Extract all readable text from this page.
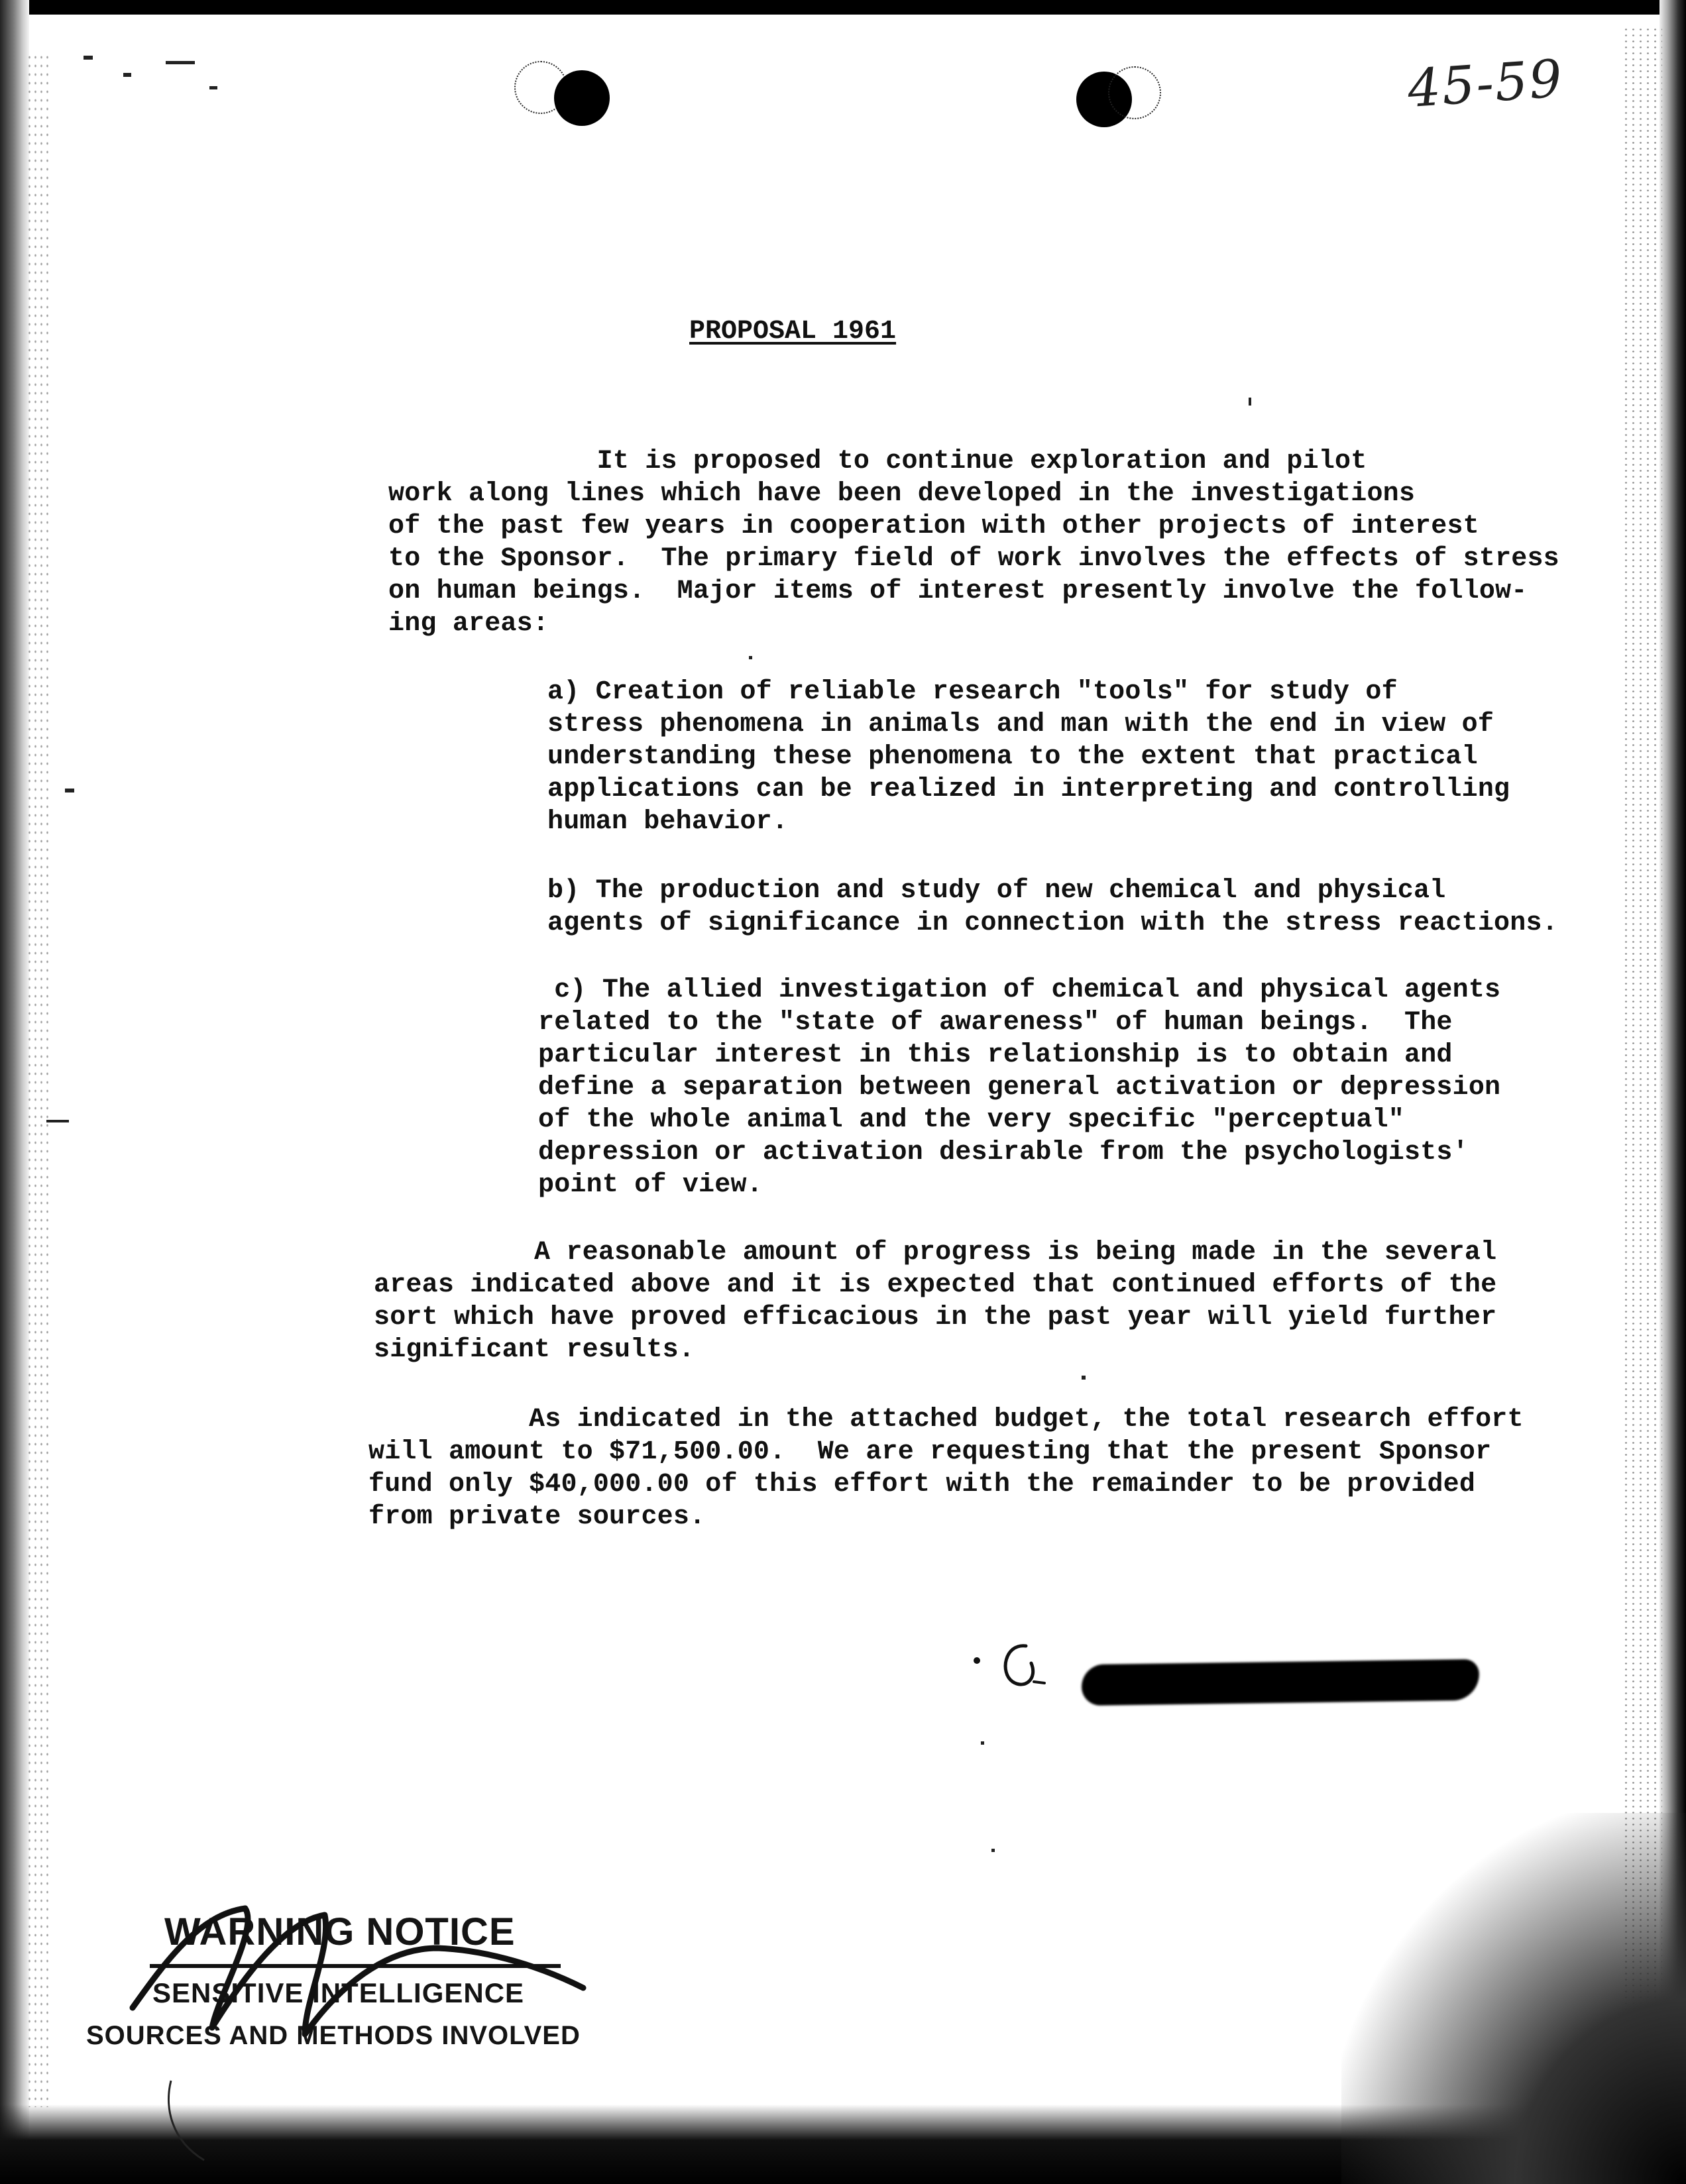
45-59
PROPOSAL 1961

It is proposed to continue exploration and pilot
work along lines which have been developed in the investigations
of the past few years in cooperation with other projects of interest
to the Sponsor.  The primary field of work involves the effects of stress
on human beings.  Major items of interest presently involve the follow-
ing areas:

a) Creation of reliable research "tools" for study of
stress phenomena in animals and man with the end in view of
understanding these phenomena to the extent that practical
applications can be realized in interpreting and controlling
human behavior.

b) The production and study of new chemical and physical
agents of significance in connection with the stress reactions.

c) The allied investigation of chemical and physical agents
related to the "state of awareness" of human beings.  The
particular interest in this relationship is to obtain and
define a separation between general activation or depression
of the whole animal and the very specific "perceptual"
depression or activation desirable from the psychologists'
point of view.

A reasonable amount of progress is being made in the several
areas indicated above and it is expected that continued efforts of the
sort which have proved efficacious in the past year will yield further
significant results.

As indicated in the attached budget, the total research effort
will amount to $71,500.00.  We are requesting that the present Sponsor
fund only $40,000.00 of this effort with the remainder to be provided
from private sources.

WARNING NOTICE

SENSITIVE INTELLIGENCE

SOURCES AND METHODS INVOLVED
